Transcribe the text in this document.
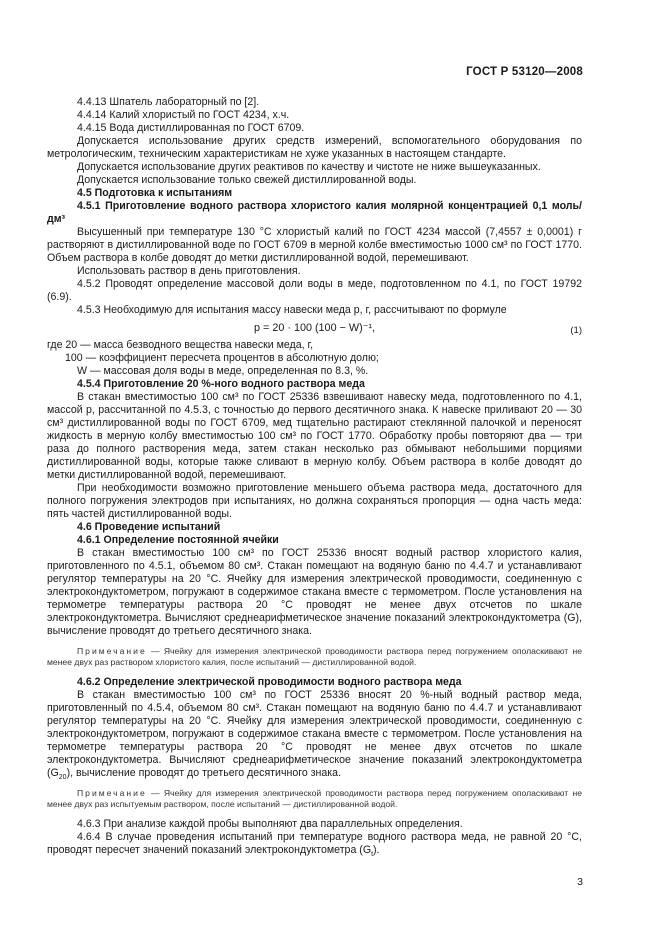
ГОСТ Р 53120—2008

4.4.13 Шпатель лабораторный по [2].

4.4.14 Калий хлористый по ГОСТ 4234, х.ч.

4.4.15 Вода дистиллированная по ГОСТ 6709.

Допускается использование других средств измерений, вспомогательного оборудования по метрологическим, техническим характеристикам не хуже указанных в настоящем стандарте.

Допускается использование других реактивов по качеству и чистоте не ниже вышеуказанных.

Допускается использование только свежей дистиллированной воды.

4.5 Подготовка к испытаниям

4.5.1 Приготовление водного раствора хлористого калия молярной концентрацией 0,1 моль/дм³

Высушенный при температуре 130 °С хлористый калий по ГОСТ 4234 массой (7,4557 ± 0,0001) г растворяют в дистиллированной воде по ГОСТ 6709 в мерной колбе вместимостью 1000 см³ по ГОСТ 1770. Объем раствора в колбе доводят до метки дистиллированной водой, перемешивают.

Использовать раствор в день приготовления.

4.5.2 Проводят определение массовой доли воды в меде, подготовленном по 4.1, по ГОСТ 19792 (6.9).

4.5.3 Необходимую для испытания массу навески меда p, г, рассчитывают по формуле

p = 20 · 100 (100 − W)⁻¹,	(1)

где 20 — масса безводного вещества навески меда, г,

100 — коэффициент пересчета процентов в абсолютную долю;

W — массовая доля воды в меде, определенная по 8.3, %.

4.5.4 Приготовление 20 %-ного водного раствора меда

В стакан вместимостью 100 см³ по ГОСТ 25336 взвешивают навеску меда, подготовленного по 4.1, массой р, рассчитанной по 4.5.3, с точностью до первого десятичного знака. К навеске приливают 20 — 30 см³ дистиллированной воды по ГОСТ 6709, мед тщательно растирают стеклянной палочкой и переносят жидкость в мерную колбу вместимостью 100 см³ по ГОСТ 1770. Обработку пробы повторяют два — три раза до полного растворения меда, затем стакан несколько раз обмывают небольшими порциями дистиллированной воды, которые также сливают в мерную колбу. Объем раствора в колбе доводят до метки дистиллированной водой, перемешивают.

При необходимости возможно приготовление меньшего объема раствора меда, достаточного для полного погружения электродов при испытаниях, но должна сохраняться пропорция — одна часть меда: пять частей дистиллированной воды.

4.6 Проведение испытаний

4.6.1 Определение постоянной ячейки

В стакан вместимостью 100 см³ по ГОСТ 25336 вносят водный раствор хлористого калия, приготовленного по 4.5.1, объемом 80 см³. Стакан помещают на водяную баню по 4.4.7 и устанавливают регулятор температуры на 20 °С. Ячейку для измерения электрической проводимости, соединенную с электрокондуктометром, погружают в содержимое стакана вместе с термометром. После установления на термометре температуры раствора 20 °С проводят не менее двух отсчетов по шкале электрокондуктометра. Вычисляют среднеарифметическое значение показаний электрокондуктометра (G), вычисление проводят до третьего десятичного знака.

Примечание — Ячейку для измерения электрической проводимости раствора перед погружением ополаскивают не менее двух раз раствором хлористого калия, после испытаний — дистиллированной водой.

4.6.2 Определение электрической проводимости водного раствора меда

В стакан вместимостью 100 см³ по ГОСТ 25336 вносят 20 %-ный водный раствор меда, приготовленный по 4.5.4, объемом 80 см³. Стакан помещают на водяную баню по 4.4.7 и устанавливают регулятор температуры на 20 °С. Ячейку для измерения электрической проводимости, соединенную с электрокондуктометром, погружают в содержимое стакана вместе с термометром. После установления на термометре температуры раствора 20 °С проводят не менее двух отсчетов по шкале электрокондуктометра. Вычисляют среднеарифметическое значение показаний электрокондуктометра $(G_{20})$, вычисление проводят до третьего десятичного знака.

Примечание — Ячейку для измерения электрической проводимости раствора перед погружением ополаскивают не менее двух раз испытуемым раствором, после испытаний — дистиллированной водой.

4.6.3 При анализе каждой пробы выполняют два параллельных определения.

4.6.4 В случае проведения испытаний при температуре водного раствора меда, не равной 20 °С, проводят пересчет значений показаний электрокондуктометра $(G_t)$.

3
